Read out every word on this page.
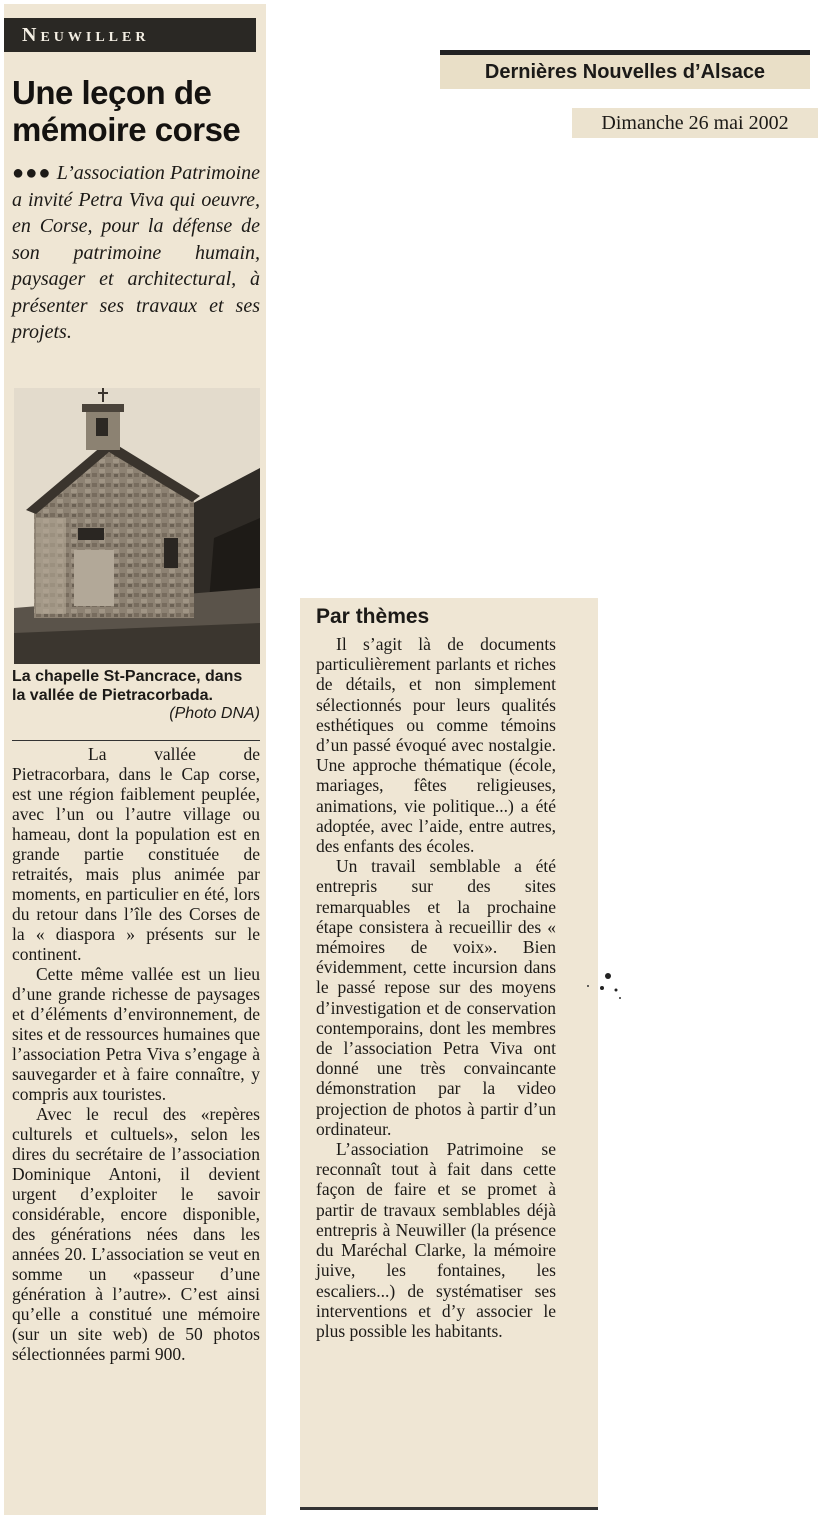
Neuwiller
Une leçon de mémoire corse
●●● L’association Patrimoine a invité Petra Viva qui oeuvre, en Corse, pour la défense de son patrimoine humain, paysager et architectural, à présenter ses travaux et ses projets.
La chapelle St-Pancrace, dans la vallée de Pietracorbada.
(Photo DNA)

La vallée de Pietracorbara, dans le Cap corse, est une région faiblement peuplée, avec l’un ou l’autre village ou hameau, dont la population est en grande partie constituée de retraités, mais plus animée par moments, en particulier en été, lors du retour dans l’île des Corses de la « diaspora » présents sur le continent.

Cette même vallée est un lieu d’une grande richesse de paysages et d’éléments d’environnement, de sites et de ressources humaines que l’association Petra Viva s’engage à sauvegarder et à faire connaître, y compris aux touristes.

Avec le recul des «repères culturels et cultuels», selon les dires du secrétaire de l’association Dominique Antoni, il devient urgent d’exploiter le savoir considérable, encore disponible, des générations nées dans les années 20. L’association se veut en somme un «passeur d’une génération à l’autre». C’est ainsi qu’elle a constitué une mémoire (sur un site web) de 50 photos sélectionnées parmi 900.

Dernières Nouvelles d’Alsace
Dimanche 26 mai 2002
Par thèmes

Il s’agit là de documents particulièrement parlants et riches de détails, et non simplement sélectionnés pour leurs qualités esthétiques ou comme témoins d’un passé évoqué avec nostalgie. Une approche thématique (école, mariages, fêtes religieuses, animations, vie politique...) a été adoptée, avec l’aide, entre autres, des enfants des écoles.

Un travail semblable a été entrepris sur des sites remarquables et la prochaine étape consistera à recueillir des « mémoires de voix». Bien évidemment, cette incursion dans le passé repose sur des moyens d’investigation et de conservation contemporains, dont les membres de l’association Petra Viva ont donné une très convaincante démonstration par la video projection de photos à partir d’un ordinateur.

L’association Patrimoine se reconnaît tout à fait dans cette façon de faire et se promet à partir de travaux semblables déjà entrepris à Neuwiller (la présence du Maréchal Clarke, la mémoire juive, les fontaines, les escaliers...) de systématiser ses interventions et d’y associer le plus possible les habitants.
